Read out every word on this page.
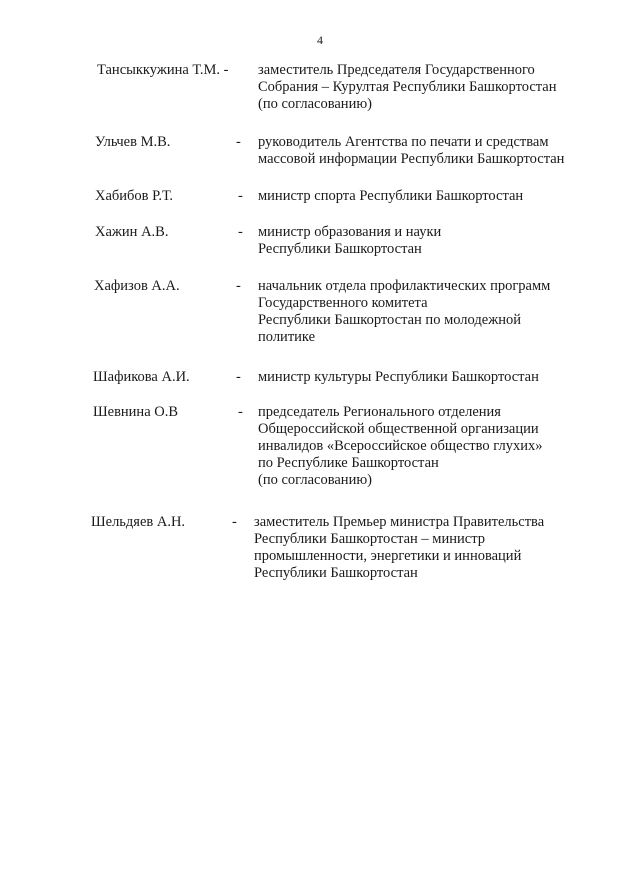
4
Тансыккужина Т.М. - заместитель Председателя Государственного
Собрания – Курултая Республики Башкортостан
(по согласованию)
Ульчев М.В.	- руководитель Агентства по печати и средствам
массовой информации Республики Башкортостан
Хабибов Р.Т.	- министр спорта Республики Башкортостан
Хажин А.В.	- министр образования и науки
Республики Башкортостан
Хафизов А.А.	- начальник отдела профилактических программ
Государственного комитета
Республики Башкортостан по молодежной
политике
Шафикова А.И.	- министр культуры Республики Башкортостан
Шевнина О.В	- председатель Регионального отделения
Общероссийской общественной организации
инвалидов «Всероссийское общество глухих»
по Республике Башкортостан
(по согласованию)
Шельдяев А.Н.	- заместитель Премьер министра Правительства
Республики Башкортостан – министр
промышленности, энергетики и инноваций
Республики Башкортостан
